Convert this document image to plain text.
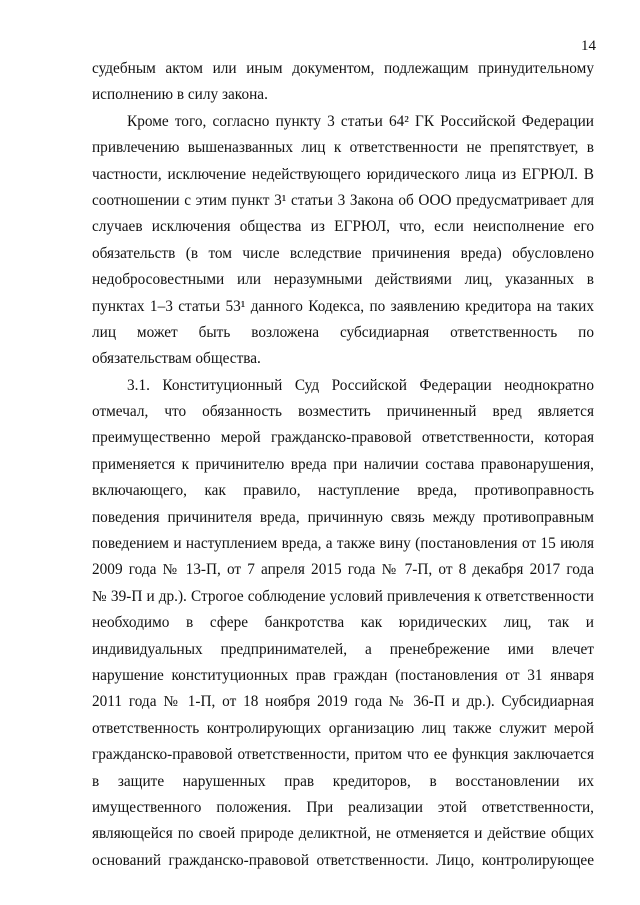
14
судебным актом или иным документом, подлежащим принудительному
исполнению в силу закона.
Кроме того, согласно пункту 3 статьи 64² ГК Российской Федерации
привлечению вышеназванных лиц к ответственности не препятствует, в
частности, исключение недействующего юридического лица из ЕГРЮЛ. В
соотношении с этим пункт 3¹ статьи 3 Закона об ООО предусматривает для
случаев исключения общества из ЕГРЮЛ, что, если неисполнение его
обязательств (в том числе вследствие причинения вреда) обусловлено
недобросовестными или неразумными действиями лиц, указанных в
пунктах 1–3 статьи 53¹ данного Кодекса, по заявлению кредитора на таких
лиц может быть возложена субсидиарная ответственность по
обязательствам общества.
3.1. Конституционный Суд Российской Федерации неоднократно
отмечал, что обязанность возместить причиненный вред является
преимущественно мерой гражданско-правовой ответственности, которая
применяется к причинителю вреда при наличии состава правонарушения,
включающего, как правило, наступление вреда, противоправность
поведения причинителя вреда, причинную связь между противоправным
поведением и наступлением вреда, а также вину (постановления от 15 июля
2009 года № 13-П, от 7 апреля 2015 года № 7-П, от 8 декабря 2017 года
№ 39-П и др.). Строгое соблюдение условий привлечения к ответственности
необходимо в сфере банкротства как юридических лиц, так и
индивидуальных предпринимателей, а пренебрежение ими влечет
нарушение конституционных прав граждан (постановления от 31 января
2011 года № 1-П, от 18 ноября 2019 года № 36-П и др.). Субсидиарная
ответственность контролирующих организацию лиц также служит мерой
гражданско-правовой ответственности, притом что ее функция заключается
в защите нарушенных прав кредиторов, в восстановлении их
имущественного положения. При реализации этой ответственности,
являющейся по своей природе деликтной, не отменяется и действие общих
оснований гражданско-правовой ответственности. Лицо, контролирующее
